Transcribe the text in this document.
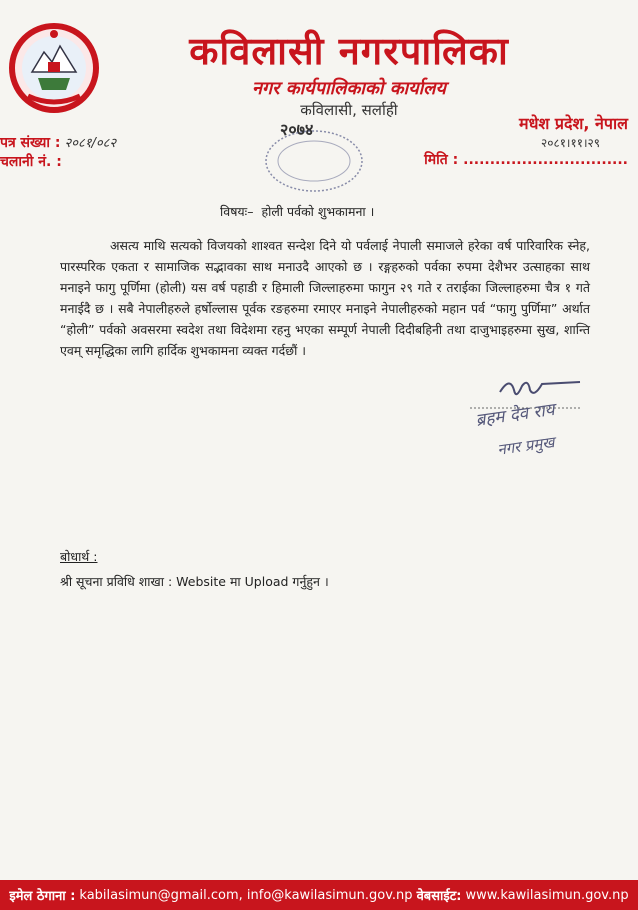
कविलासी नगरपालिका
नगर कार्यपालिकाको कार्यालय
कविलासी, सर्लाही
२०७४
पत्र संख्या : २०८१/०८२
चलानी नं. :
मधेश प्रदेश, नेपाल
२०८१।११।२९
मिति : ...............................
विषयः– होली पर्वको शुभकामना ।
असत्य माथि सत्यको विजयको शाश्वत सन्देश दिने यो पर्वलाई नेपाली समाजले हरेका वर्ष पारिवारिक स्नेह, पारस्परिक एकता र सामाजिक सद्भावका साथ मनाउदै आएको छ । रङ्गहरुको पर्वका रुपमा देशैभर उत्साहका साथ मनाइने फागु पूर्णिमा (होली) यस वर्ष पहाडी र हिमाली जिल्लाहरुमा फागुन २९ गते र तराईका जिल्लाहरुमा चैत्र १ गते मनाईदै छ । सबै नेपालीहरुले हर्षोल्लास पूर्वक रङहरुमा रमाएर मनाइने नेपालीहरुको महान पर्व “फागु पुर्णिमा” अर्थात “होली” पर्वको अवसरमा स्वदेश तथा विदेशमा रहनु भएका सम्पूर्ण नेपाली दिदीबहिनी तथा दाजुभाइहरुमा सुख, शान्ति एवम् समृद्धिका लागि हार्दिक शुभकामना व्यक्त गर्दछौं ।
ब्रहम देव राय
नगर प्रमुख
बोधार्थ :
श्री सूचना प्रविधि शाखा : Website मा Upload गर्नुहुन ।
इमेल ठेगाना : kabilasimun@gmail.com, info@kawilasimun.gov.np वेबसाईट: www.kawilasimun.gov.np
